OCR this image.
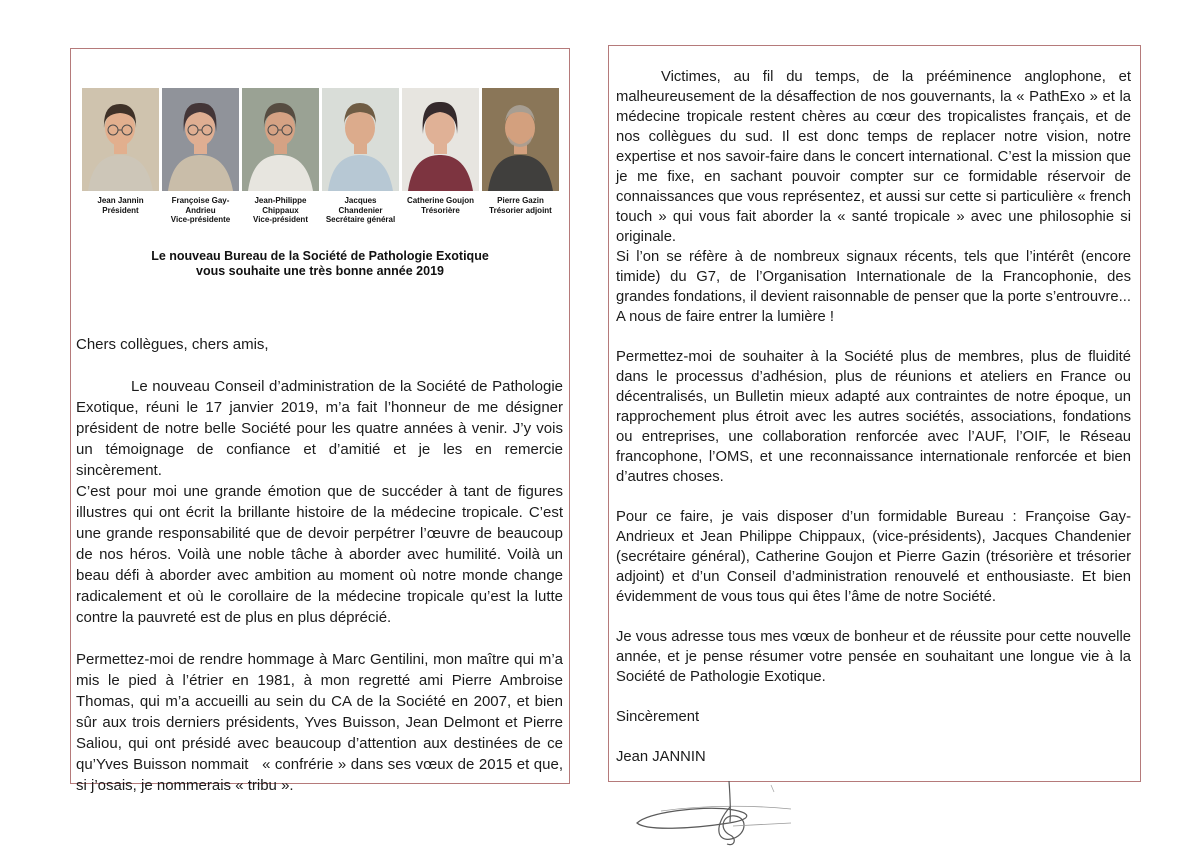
Jean Jannin
Président
Françoise Gay-Andrieu
Vice-présidente
Jean-Philippe Chippaux
Vice-président
Jacques Chandenier
Secrétaire général
Catherine Goujon
Trésorière
Pierre Gazin
Trésorier adjoint
Le nouveau Bureau de la Société de Pathologie Exotique
vous souhaite une très bonne année 2019

Chers collègues, chers amis,

Le nouveau Conseil d’administration de la Société de Pathologie Exotique, réuni le 17 janvier 2019, m’a fait l’honneur de me désigner président de notre belle Société pour les quatre années à venir. J’y vois un témoignage de confiance et d’amitié et je les en remercie sincèrement.

C’est pour moi une grande émotion que de succéder à tant de figures illustres qui ont écrit la brillante histoire de la médecine tropicale. C’est une grande responsabilité que de devoir perpétrer l’œuvre de beaucoup de nos héros. Voilà une noble tâche à aborder avec humilité. Voilà un beau défi à aborder avec ambition au moment où notre monde change radicalement et où le corollaire de la médecine tropicale qu’est la lutte contre la pauvreté est de plus en plus déprécié.

Permettez-moi de rendre hommage à Marc Gentilini, mon maître qui m’a mis le pied à l’étrier en 1981, à mon regretté ami Pierre Ambroise Thomas, qui m’a accueilli au sein du CA de la Société en 2007, et bien sûr aux trois derniers présidents, Yves Buisson, Jean Delmont et Pierre Saliou, qui ont présidé avec beaucoup d’attention aux destinées de ce qu’Yves Buisson nommait   « confrérie » dans ses vœux de 2015 et que, si j’osais, je nommerais « tribu ».

Victimes, au fil du temps, de la prééminence anglophone, et malheureusement de la désaffection de nos gouvernants, la « PathExo » et la médecine tropicale restent chères au cœur des tropicalistes français, et de nos collègues du sud. Il est donc temps de replacer notre vision, notre expertise et nos savoir-faire dans le concert international. C’est la mission que je me fixe, en sachant pouvoir compter sur ce formidable réservoir de connaissances que vous représentez, et aussi sur cette si particulière « french touch » qui vous fait aborder la « santé tropicale » avec une philosophie si originale.

Si l’on se réfère à de nombreux signaux récents, tels que l’intérêt (encore timide) du G7, de l’Organisation Internationale de la Francophonie, des grandes fondations, il devient raisonnable de penser que la porte s’entrouvre... A nous de faire entrer la lumière !

Permettez-moi de souhaiter à la Société plus de membres, plus de fluidité dans le processus d’adhésion, plus de réunions et ateliers en France ou décentralisés, un Bulletin mieux adapté aux contraintes de notre époque, un rapprochement plus étroit avec les autres sociétés, associations, fondations ou entreprises, une collaboration renforcée avec l’AUF, l’OIF, le Réseau francophone, l’OMS, et une reconnaissance internationale renforcée et bien d’autres choses.

Pour ce faire, je vais disposer d’un formidable Bureau : Françoise Gay-Andrieux et Jean Philippe Chippaux, (vice-présidents), Jacques Chandenier (secrétaire général), Catherine Goujon et Pierre Gazin (trésorière et trésorier adjoint) et d’un Conseil d’administration renouvelé et enthousiaste. Et bien évidemment de vous tous qui êtes l’âme de notre Société.

Je vous adresse tous mes vœux de bonheur et de réussite pour cette nouvelle année, et je pense résumer votre pensée en souhaitant une longue vie à la Société de Pathologie Exotique.

Sincèrement

Jean JANNIN
